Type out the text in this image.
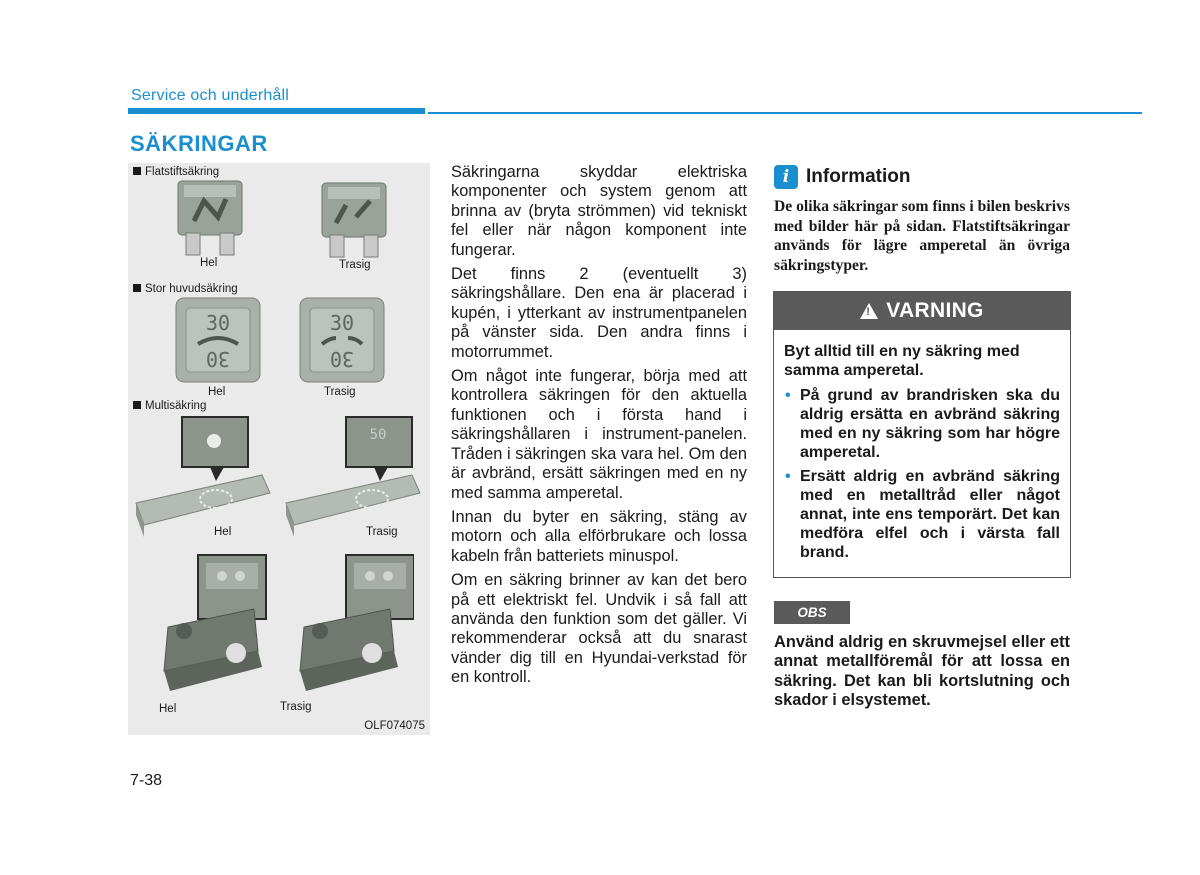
Service och underhåll
SÄKRINGAR
Flatstiftsäkring
Hel	Trasig
Stor huvudsäkring
30
30
Hel
30
30
Trasig
Multisäkring
Hel
50
Trasig
Hel	Trasig
OLF074075

Säkringarna skyddar elektriska komponenter och system genom att brinna av (bryta strömmen) vid tekniskt fel eller när någon komponent inte fungerar.

Det finns 2 (eventuellt 3) säkringshållare. Den ena är placerad i kupén, i ytterkant av instrumentpanelen på vänster sida. Den andra finns i motorrummet.

Om något inte fungerar, börja med att kontrollera säkringen för den aktuella funktionen och i första hand i säkringshållaren i instrument-panelen. Tråden i säkringen ska vara hel. Om den är avbränd, ersätt säkringen med en ny med samma amperetal.

Innan du byter en säkring, stäng av motorn och alla elförbrukare och lossa kabeln från batteriets minuspol.

Om en säkring brinner av kan det bero på ett elektriskt fel. Undvik i så fall att använda den funktion som det gäller. Vi rekommenderar också att du snarast vänder dig till en Hyundai-verkstad för en kontroll.

i Information
De olika säkringar som finns i bilen beskrivs med bilder här på sidan. Flatstiftsäkringar används för lägre amperetal än övriga säkringstyper.
! VARNING

Byt alltid till en ny säkring med samma amperetal.

• På grund av brandrisken ska du aldrig ersätta en avbränd säkring med en ny säkring som har högre amperetal.
• Ersätt aldrig en avbränd säkring med en metalltråd eller något annat, inte ens temporärt. Det kan medföra elfel och i värsta fall brand.
OBS
Använd aldrig en skruvmejsel eller ett annat metallföremål för att lossa en säkring. Det kan bli kortslutning och skador i elsystemet.
7-38
